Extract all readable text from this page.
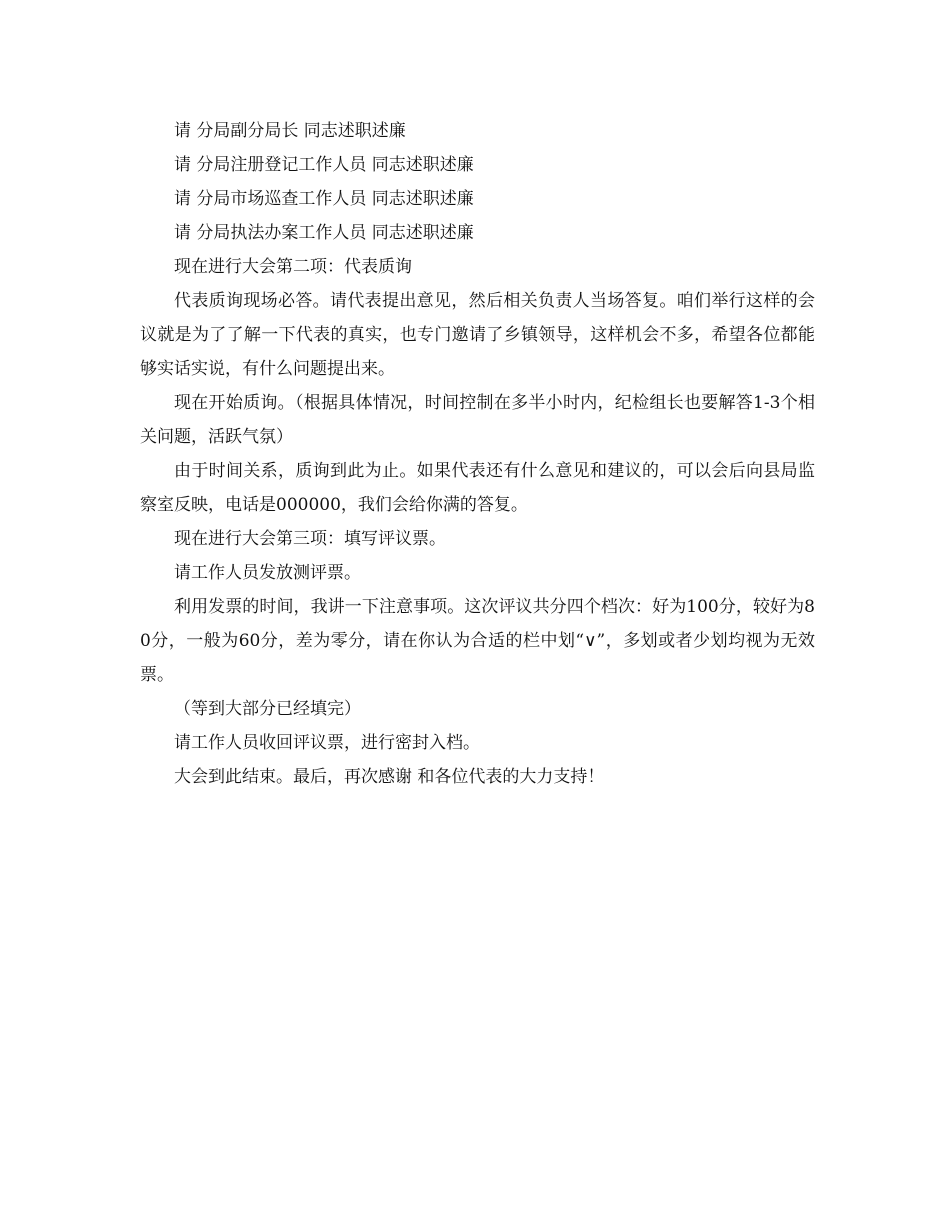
请 分局副分局长 同志述职述廉

请 分局注册登记工作人员 同志述职述廉

请 分局市场巡查工作人员 同志述职述廉

请 分局执法办案工作人员 同志述职述廉

现在进行大会第二项：代表质询

代表质询现场必答。请代表提出意见，然后相关负责人当场答复。咱们举行这样的会议就是为了了解一下代表的真实，也专门邀请了乡镇领导，这样机会不多，希望各位都能够实话实说，有什么问题提出来。

现在开始质询。（根据具体情况，时间控制在多半小时内，纪检组长也要解答1-3个相关问题，活跃气氛）

由于时间关系，质询到此为止。如果代表还有什么意见和建议的，可以会后向县局监察室反映，电话是000000，我们会给你满的答复。

现在进行大会第三项：填写评议票。

请工作人员发放测评票。

利用发票的时间，我讲一下注意事项。这次评议共分四个档次：好为100分，较好为80分，一般为60分，差为零分，请在你认为合适的栏中划“∨”，多划或者少划均视为无效票。

（等到大部分已经填完）

请工作人员收回评议票，进行密封入档。

大会到此结束。最后，再次感谢 和各位代表的大力支持！
